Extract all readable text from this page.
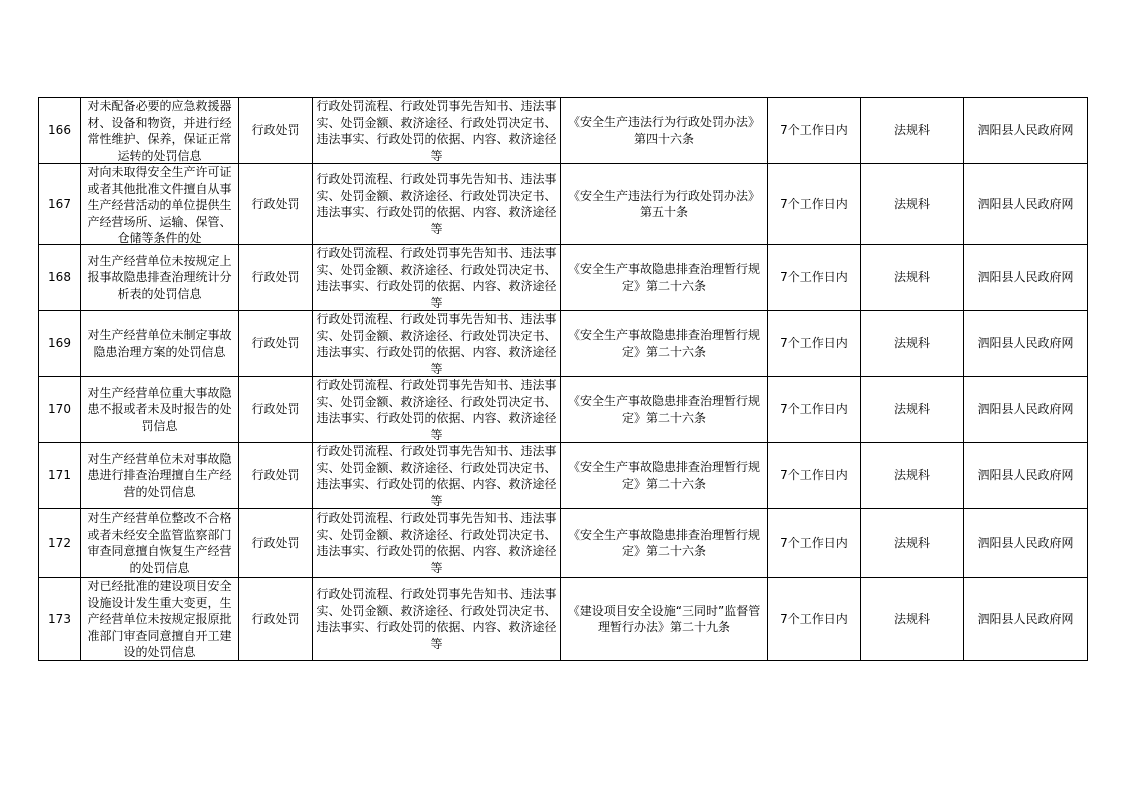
166	对未配备必要的应急救援器材、设备和物资，并进行经常性维护、保养，保证正常运转的处罚信息	行政处罚	行政处罚流程、行政处罚事先告知书、违法事实、处罚金额、救济途径、行政处罚决定书、违法事实、行政处罚的依据、内容、救济途径等	《安全生产违法行为行政处罚办法》第四十六条	7个工作日内	法规科	泗阳县人民政府网

167	对向未取得安全生产许可证或者其他批准文件擅自从事生产经营活动的单位提供生产经营场所、运输、保管、仓储等条件的处	行政处罚	行政处罚流程、行政处罚事先告知书、违法事实、处罚金额、救济途径、行政处罚决定书、违法事实、行政处罚的依据、内容、救济途径等	《安全生产违法行为行政处罚办法》第五十条	7个工作日内	法规科	泗阳县人民政府网

168	对生产经营单位未按规定上报事故隐患排查治理统计分析表的处罚信息	行政处罚	行政处罚流程、行政处罚事先告知书、违法事实、处罚金额、救济途径、行政处罚决定书、违法事实、行政处罚的依据、内容、救济途径等	《安全生产事故隐患排查治理暂行规定》第二十六条	7个工作日内	法规科	泗阳县人民政府网

169	对生产经营单位未制定事故隐患治理方案的处罚信息	行政处罚	行政处罚流程、行政处罚事先告知书、违法事实、处罚金额、救济途径、行政处罚决定书、违法事实、行政处罚的依据、内容、救济途径等	《安全生产事故隐患排查治理暂行规定》第二十六条	7个工作日内	法规科	泗阳县人民政府网

170	对生产经营单位重大事故隐患不报或者未及时报告的处罚信息	行政处罚	行政处罚流程、行政处罚事先告知书、违法事实、处罚金额、救济途径、行政处罚决定书、违法事实、行政处罚的依据、内容、救济途径等	《安全生产事故隐患排查治理暂行规定》第二十六条	7个工作日内	法规科	泗阳县人民政府网

171	对生产经营单位未对事故隐患进行排查治理擅自生产经营的处罚信息	行政处罚	行政处罚流程、行政处罚事先告知书、违法事实、处罚金额、救济途径、行政处罚决定书、违法事实、行政处罚的依据、内容、救济途径等	《安全生产事故隐患排查治理暂行规定》第二十六条	7个工作日内	法规科	泗阳县人民政府网

172	对生产经营单位整改不合格或者未经安全监管监察部门审查同意擅自恢复生产经营的处罚信息	行政处罚	行政处罚流程、行政处罚事先告知书、违法事实、处罚金额、救济途径、行政处罚决定书、违法事实、行政处罚的依据、内容、救济途径等	《安全生产事故隐患排查治理暂行规定》第二十六条	7个工作日内	法规科	泗阳县人民政府网

173	对已经批准的建设项目安全设施设计发生重大变更，生产经营单位未按规定报原批准部门审查同意擅自开工建设的处罚信息	行政处罚	行政处罚流程、行政处罚事先告知书、违法事实、处罚金额、救济途径、行政处罚决定书、违法事实、行政处罚的依据、内容、救济途径等	《建设项目安全设施“三同时”监督管理暂行办法》第二十九条	7个工作日内	法规科	泗阳县人民政府网
